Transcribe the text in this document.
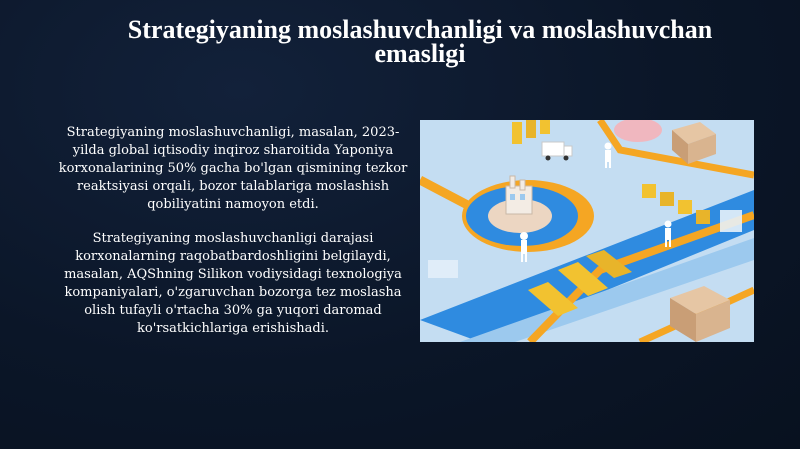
Strategiyaning moslashuvchanligi va moslashuvchan emasligi

Strategiyaning moslashuvchanligi, masalan, 2023-yilda global iqtisodiy inqiroz sharoitida Yaponiya korxonalarining 50% gacha bo'lgan qismining tezkor reaktsiyasi orqali, bozor talablariga moslashish qobiliyatini namoyon etdi.

Strategiyaning moslashuvchanligi darajasi korxonalarning raqobatbardoshligini belgilaydi, masalan, AQShning Silikon vodiysidagi texnologiya kompaniyalari, o'zgaruvchan bozorga tez moslasha olish tufayli o'rtacha 30% ga yuqori daromad ko'rsatkichlariga erishishadi.
